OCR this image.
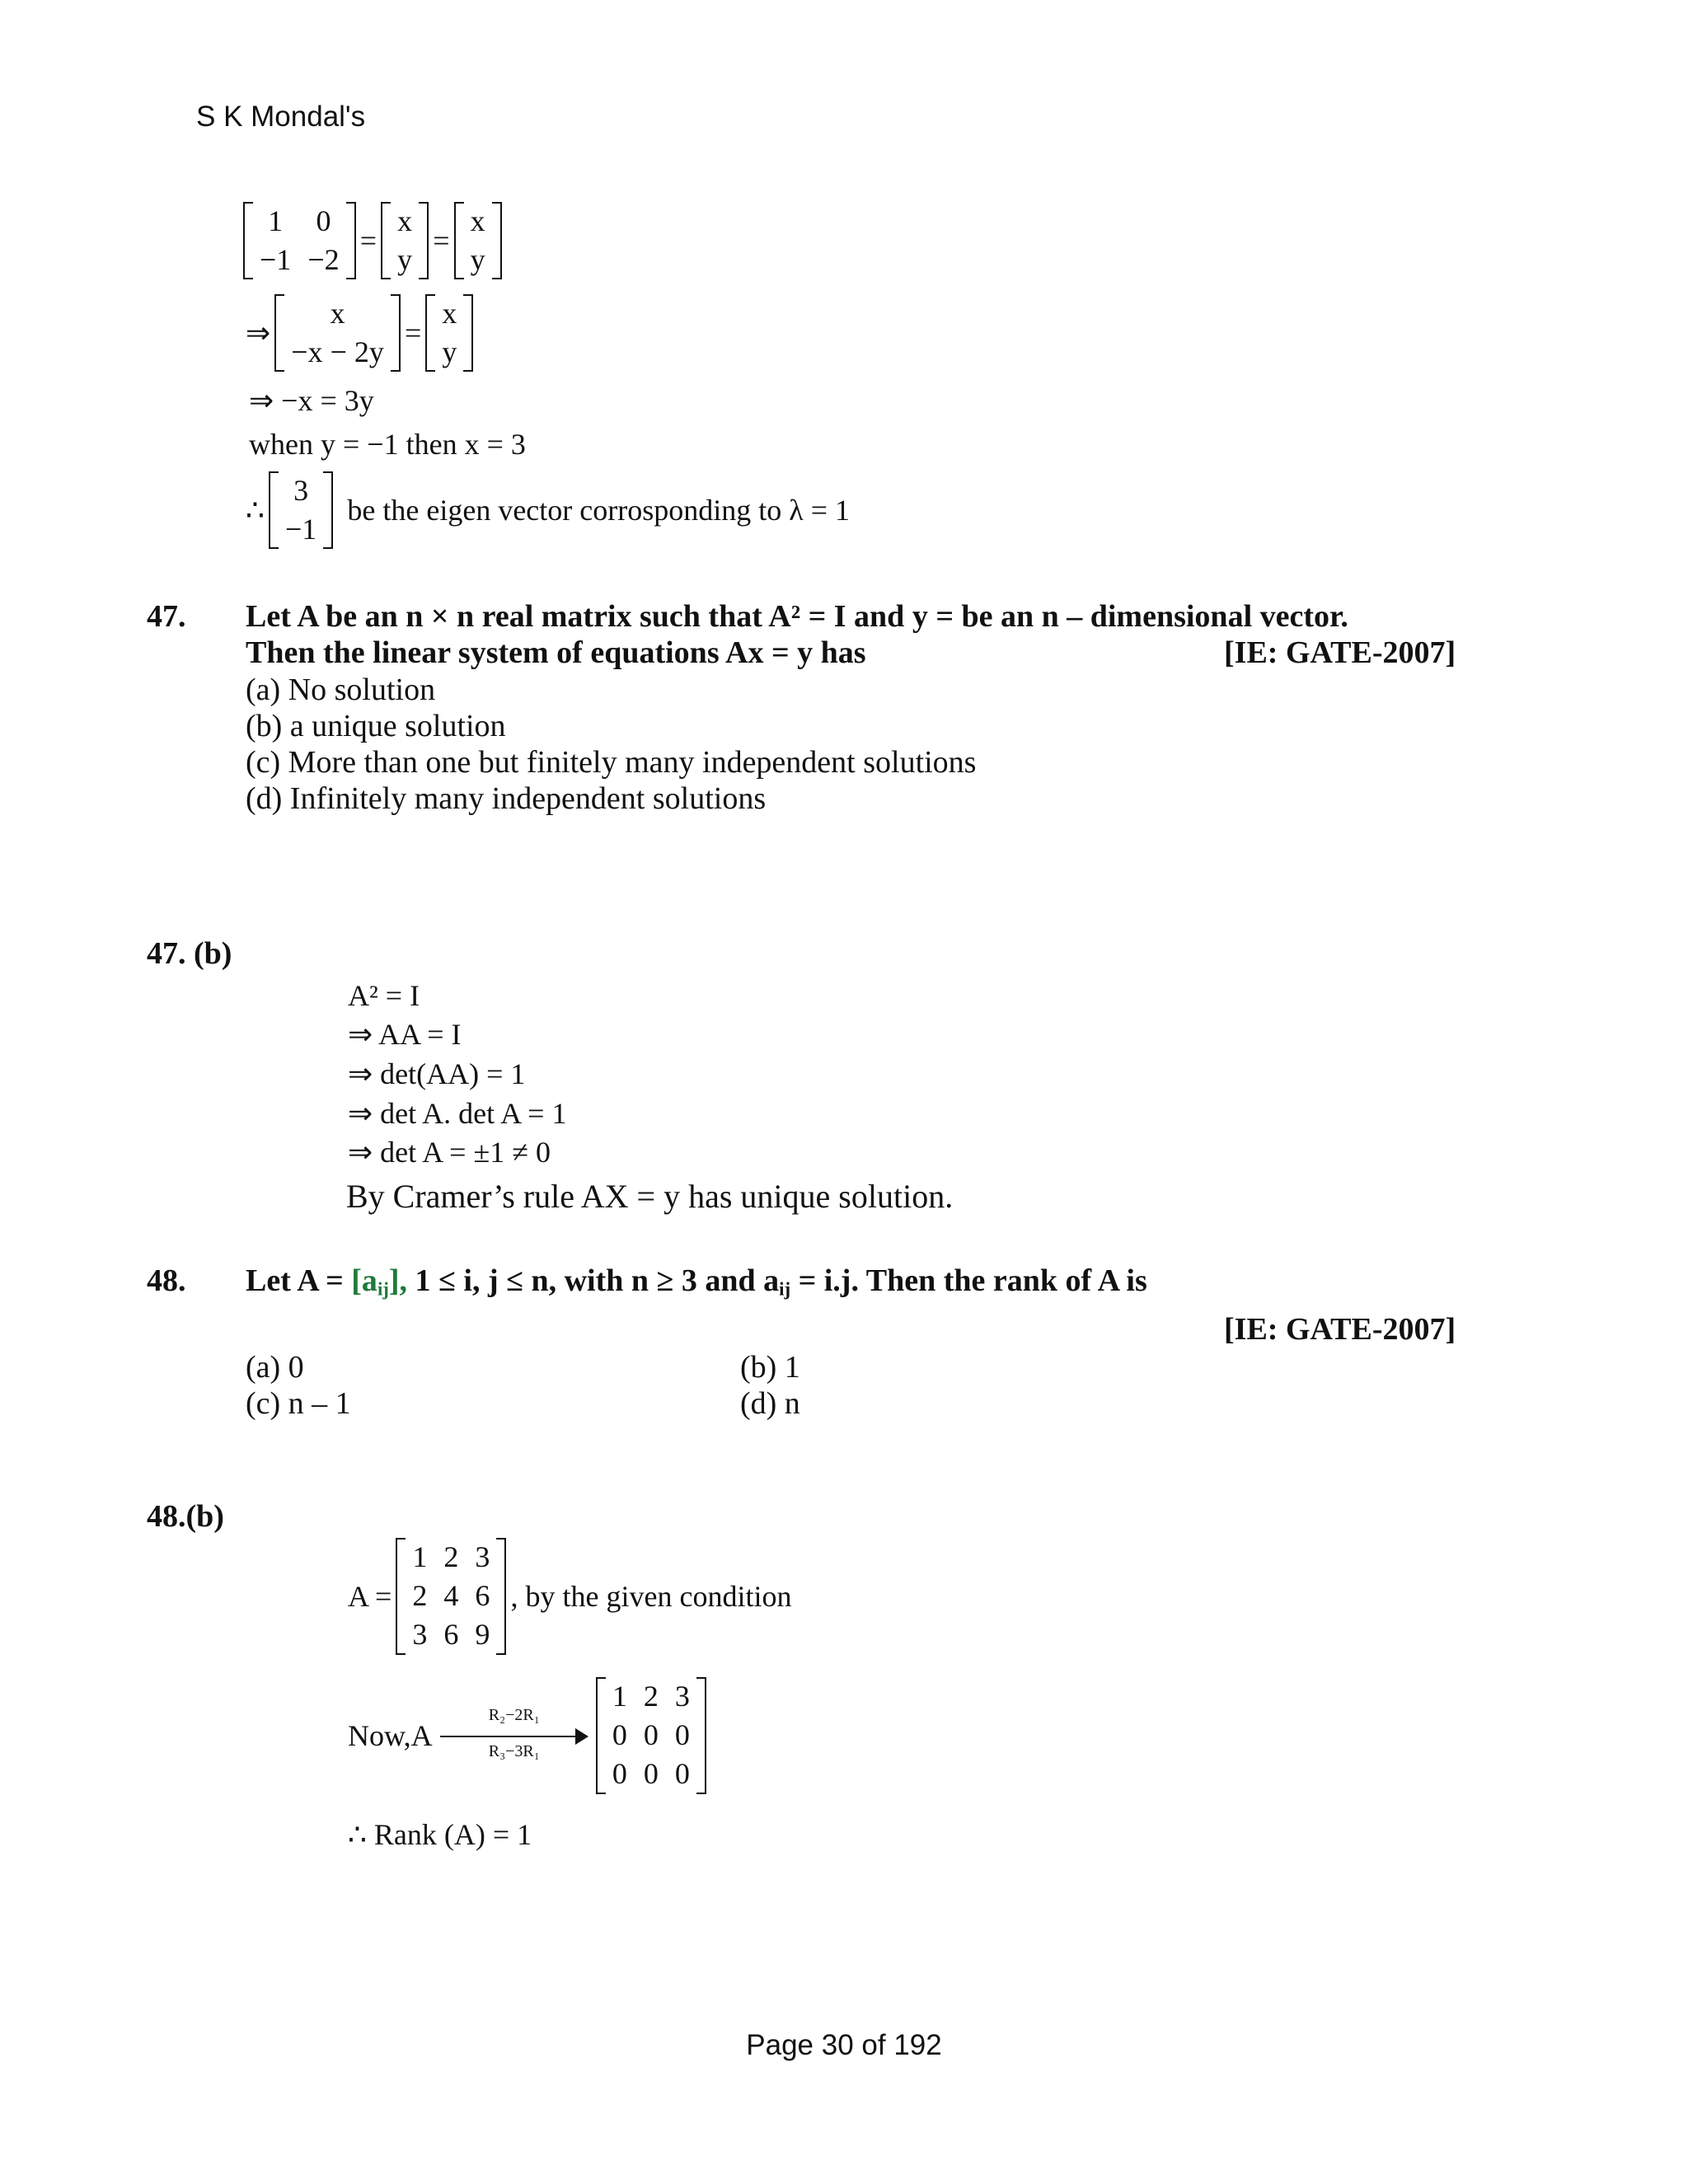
S K Mondal's
1	0
−1	−2
=
x
y
=
x
y
⇒
x
−x − 2y
=
x
y
⇒ −x = 3y
when y = −1 then x = 3
∴
3
−1
be the eigen vector corrosponding to λ = 1
47. Let A be an n × n real matrix such that A² = I and y = be an n – dimensional vector.
Then the linear system of equations Ax = y has	[IE: GATE-2007]
(a) No solution
(b) a unique solution
(c) More than one but finitely many independent solutions
(d) Infinitely many independent solutions
47. (b)
A² = I
⇒ AA = I
⇒ det(AA) = 1
⇒ det A. det A = 1
⇒ det A = ±1 ≠ 0
By Cramer’s rule AX = y has unique solution.
48. Let $A = [a_{ij}]$, 1 ≤ i, j ≤ n, with n ≥ 3 and $a_{ij} = i.j$. Then the rank of A is
[IE: GATE-2007]
(a) 0	(b) 1
(c) n – 1	(d) n
48.(b)
A =
1	2	3
2	4	6
3	6	9
, by the given condition
$Now,A \frac{\text{R₂−2R₁}}{\text{R₃−3R₁}}$

1	2	3
0	0	0
0	0	0
∴ Rank (A) = 1
Page 30 of 192
